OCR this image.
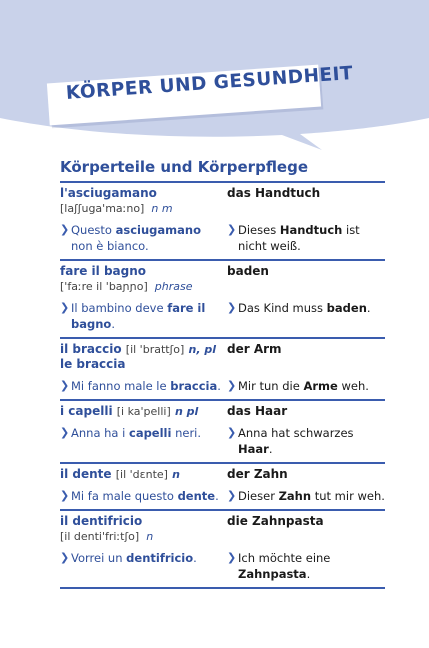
KÖRPER UND GESUNDHEIT
Körperteile und Körperpflege
l'asciugamano
[laʃʃuga'maːno] n m
das Handtuch
❯ Questo asciugamano non è bianco.
❯ Dieses Handtuch ist nicht weiß.
fare il bagno
['faːre il 'baɲɲo] phrase
baden
❯ Il bambino deve fare il bagno.
❯ Das Kind muss baden.
il braccio [il 'brattʃo] n, pl
le braccia
der Arm
❯ Mi fanno male le braccia. ❯ Mir tun die Arme weh.
i capelli [i ka'pelli] n pl	das Haar
❯ Anna ha i capelli neri.	❯ Anna hat schwarzes Haar.
il dente [il 'dɛnte] n	der Zahn
❯ Mi fa male questo dente. ❯ Dieser Zahn tut mir weh.
il dentifricio
[il denti'friːtʃo] n
die Zahnpasta
❯ Vorrei un dentifricio.	❯ Ich möchte eine Zahnpasta.
